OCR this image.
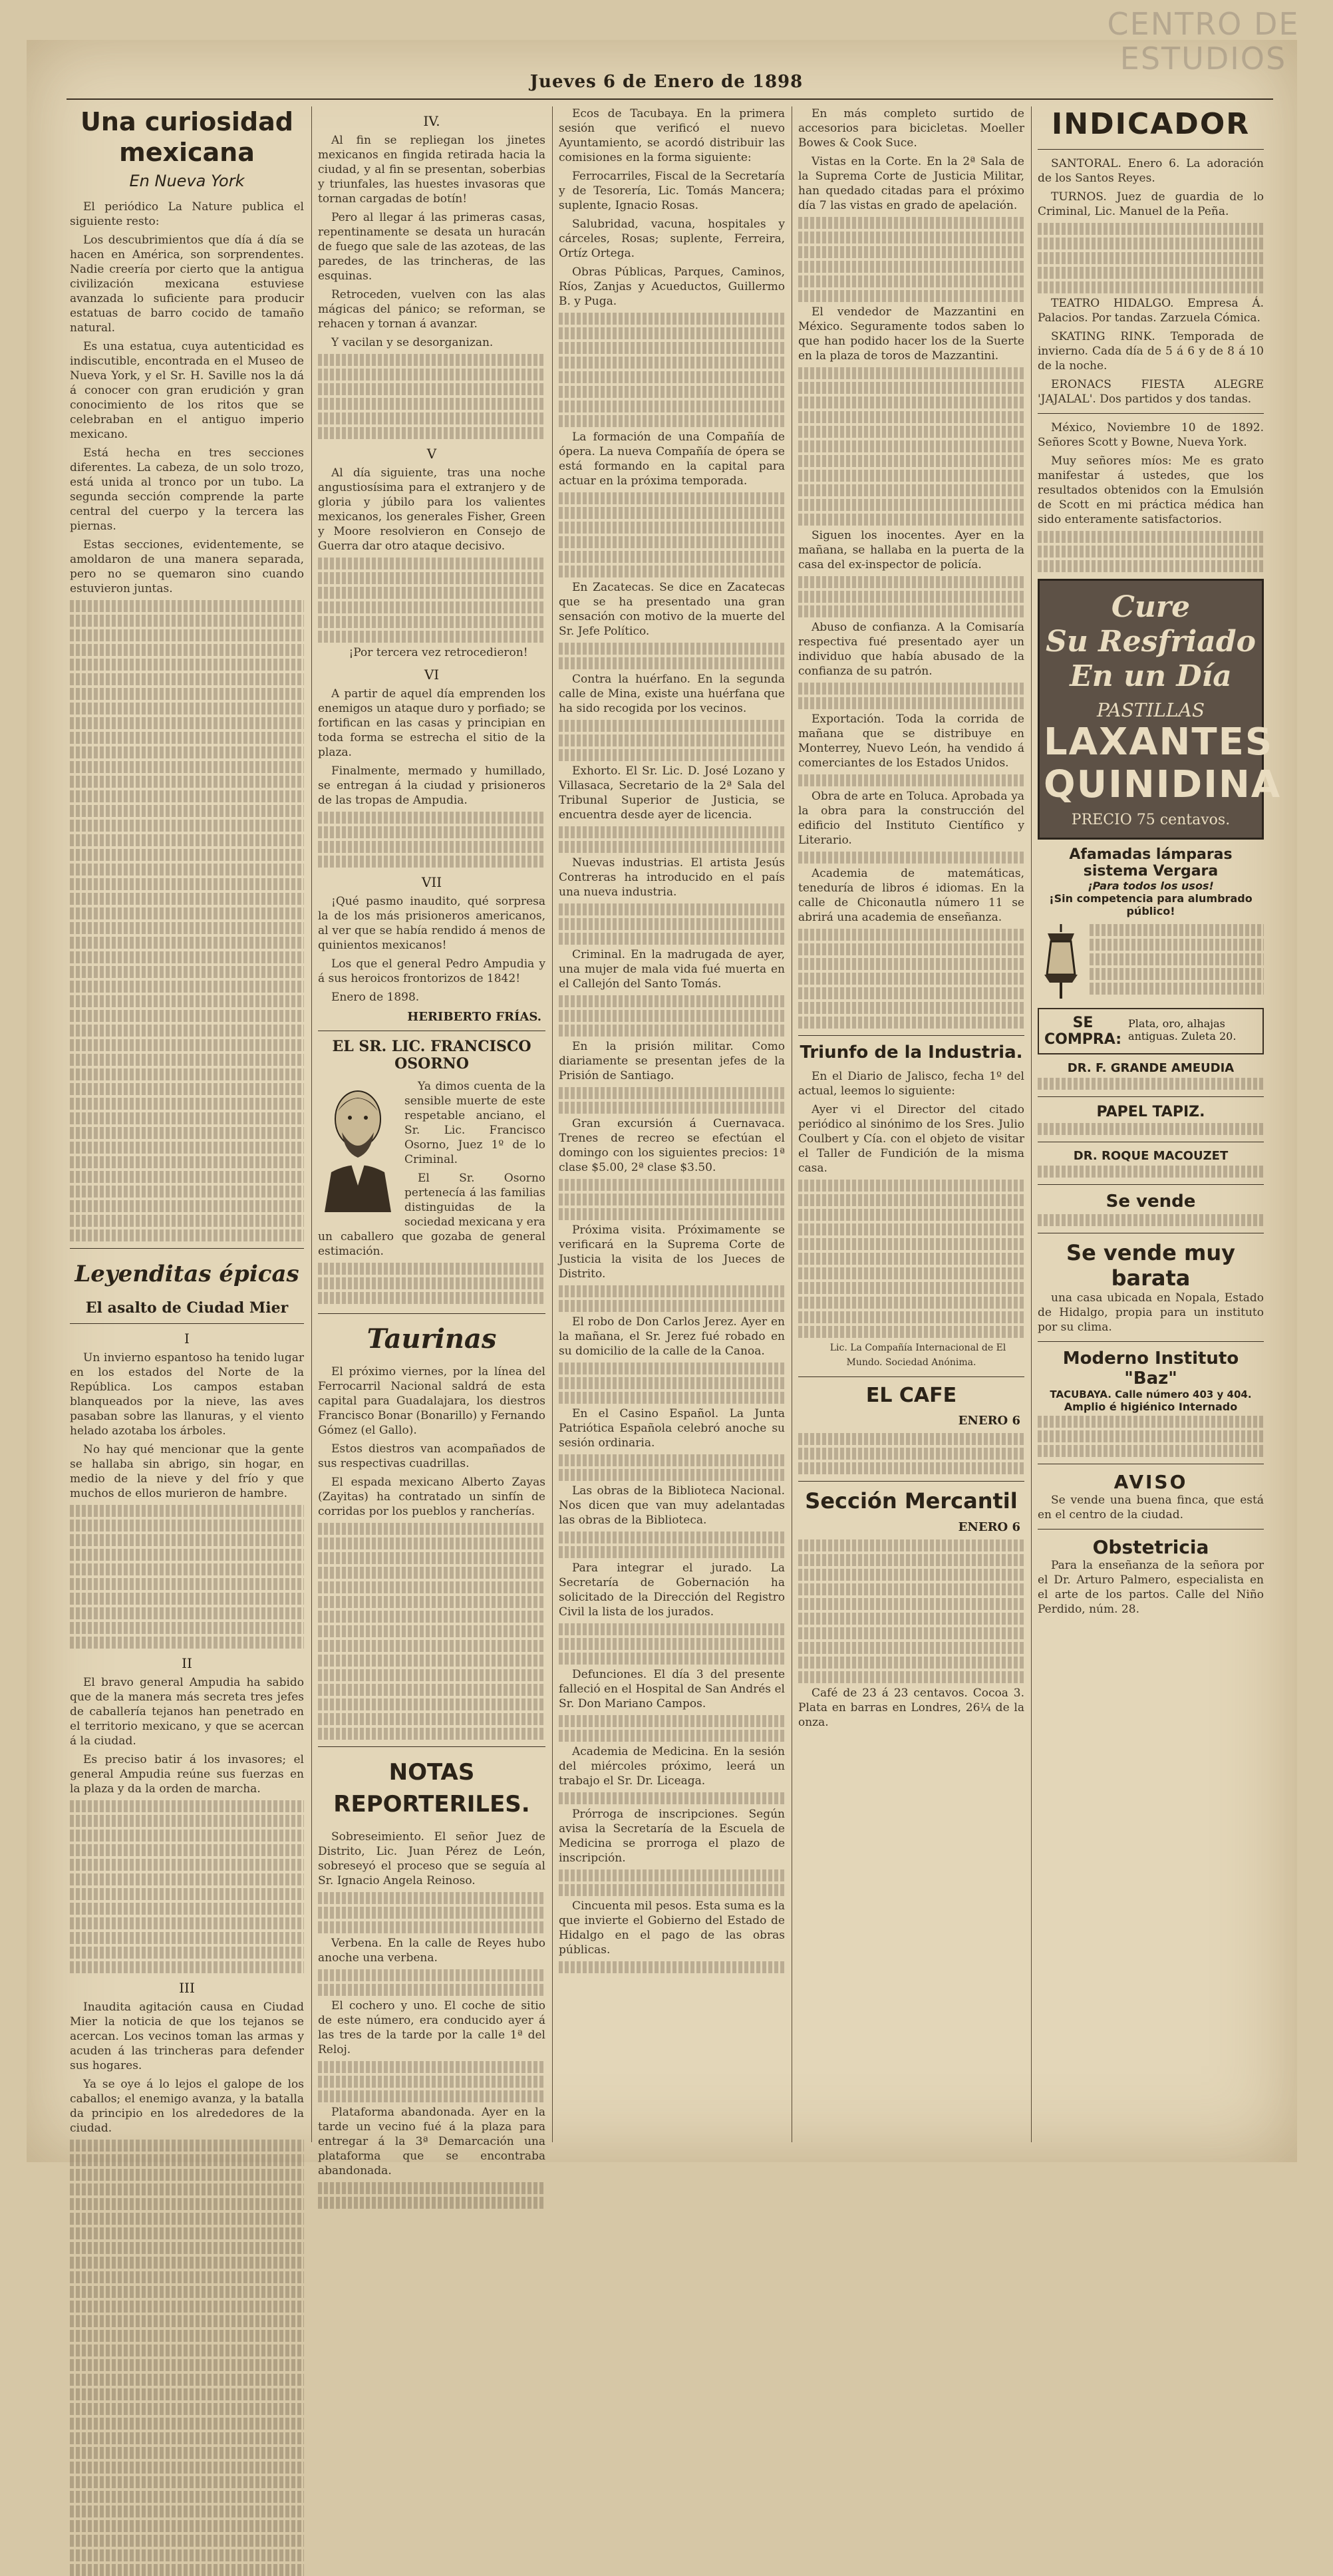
CENTRO DE
ESTUDIOS
Jueves 6 de Enero de 1898
Una curiosidad mexicana
En Nueva York

El periódico La Nature publica el siguiente resto:

Los descubrimientos que día á día se hacen en América, son sorprendentes. Nadie creería por cierto que la antigua civilización mexicana estuviese avanzada lo suficiente para producir estatuas de barro cocido de tamaño natural.

Es una estatua, cuya autenticidad es indiscutible, encontrada en el Museo de Nueva York, y el Sr. H. Saville nos la dá á conocer con gran erudición y gran conocimiento de los ritos que se celebraban en el antiguo imperio mexicano.

Está hecha en tres secciones diferentes. La cabeza, de un solo trozo, está unida al tronco por un tubo. La segunda sección comprende la parte central del cuerpo y la tercera las piernas.

Estas secciones, evidentemente, se amoldaron de una manera separada, pero no se quemaron sino cuando estuvieron juntas.

Leyenditas épicas
El asalto de Ciudad Mier
I

Un invierno espantoso ha tenido lugar en los estados del Norte de la República. Los campos estaban blanqueados por la nieve, las aves pasaban sobre las llanuras, y el viento helado azotaba los árboles.

No hay qué mencionar que la gente se hallaba sin abrigo, sin hogar, en medio de la nieve y del frío y que muchos de ellos murieron de hambre.

II

El bravo general Ampudia ha sabido que de la manera más secreta tres jefes de caballería tejanos han penetrado en el territorio mexicano, y que se acercan á la ciudad.

Es preciso batir á los invasores; el general Ampudia reúne sus fuerzas en la plaza y da la orden de marcha.

III

Inaudita agitación causa en Ciudad Mier la noticia de que los tejanos se acercan. Los vecinos toman las armas y acuden á las trincheras para defender sus hogares.

Ya se oye á lo lejos el galope de los caballos; el enemigo avanza, y la batalla da principio en los alrededores de la ciudad.

IV.

Al fin se repliegan los jinetes mexicanos en fingida retirada hacia la ciudad, y al fin se presentan, soberbias y triunfales, las huestes invasoras que tornan cargadas de botín!

Pero al llegar á las primeras casas, repentinamente se desata un huracán de fuego que sale de las azoteas, de las paredes, de las trincheras, de las esquinas.

Retroceden, vuelven con las alas mágicas del pánico; se reforman, se rehacen y tornan á avanzar.

Y vacilan y se desorganizan.

V

Al día siguiente, tras una noche angustiosísima para el extranjero y de gloria y júbilo para los valientes mexicanos, los generales Fisher, Green y Moore resolvieron en Consejo de Guerra dar otro ataque decisivo.

¡Por tercera vez retrocedieron!

VI

A partir de aquel día emprenden los enemigos un ataque duro y porfiado; se fortifican en las casas y principian en toda forma se estrecha el sitio de la plaza.

Finalmente, mermado y humillado, se entregan á la ciudad y prisioneros de las tropas de Ampudia.

VII

¡Qué pasmo inaudito, qué sorpresa la de los más prisioneros americanos, al ver que se había rendido á menos de quinientos mexicanos!

Los que el general Pedro Ampudia y á sus heroicos frontorizos de 1842!

Enero de 1898.

HERIBERTO FRÍAS.
EL SR. LIC. FRANCISCO OSORNO

Ya dimos cuenta de la sensible muerte de este respetable anciano, el Sr. Lic. Francisco Osorno, Juez 1º de lo Criminal.

El Sr. Osorno pertenecía á las familias distinguidas de la sociedad mexicana y era un caballero que gozaba de general estimación.

Taurinas

El próximo viernes, por la línea del Ferrocarril Nacional saldrá de esta capital para Guadalajara, los diestros Francisco Bonar (Bonarillo) y Fernando Gómez (el Gallo).

Estos diestros van acompañados de sus respectivas cuadrillas.

El espada mexicano Alberto Zayas (Zayitas) ha contratado un sinfín de corridas por los pueblos y rancherías.

NOTAS REPORTERILES.

Sobreseimiento. El señor Juez de Distrito, Lic. Juan Pérez de León, sobreseyó el proceso que se seguía al Sr. Ignacio Angela Reinoso.

Verbena. En la calle de Reyes hubo anoche una verbena.

El cochero y uno. El coche de sitio de este número, era conducido ayer á las tres de la tarde por la calle 1ª del Reloj.

Plataforma abandonada. Ayer en la tarde un vecino fué á la plaza para entregar á la 3ª Demarcación una plataforma que se encontraba abandonada.

Ecos de Tacubaya. En la primera sesión que verificó el nuevo Ayuntamiento, se acordó distribuir las comisiones en la forma siguiente:

Ferrocarriles, Fiscal de la Secretaría y de Tesorería, Lic. Tomás Mancera; suplente, Ignacio Rosas.

Salubridad, vacuna, hospitales y cárceles, Rosas; suplente, Ferreira, Ortíz Ortega.

Obras Públicas, Parques, Caminos, Ríos, Zanjas y Acueductos, Guillermo B. y Puga.

La formación de una Compañía de ópera. La nueva Compañía de ópera se está formando en la capital para actuar en la próxima temporada.

En Zacatecas. Se dice en Zacatecas que se ha presentado una gran sensación con motivo de la muerte del Sr. Jefe Político.

Contra la huérfano. En la segunda calle de Mina, existe una huérfana que ha sido recogida por los vecinos.

Exhorto. El Sr. Lic. D. José Lozano y Villasaca, Secretario de la 2ª Sala del Tribunal Superior de Justicia, se encuentra desde ayer de licencia.

Nuevas industrias. El artista Jesús Contreras ha introducido en el país una nueva industria.

Criminal. En la madrugada de ayer, una mujer de mala vida fué muerta en el Callejón del Santo Tomás.

En la prisión militar. Como diariamente se presentan jefes de la Prisión de Santiago.

Gran excursión á Cuernavaca. Trenes de recreo se efectúan el domingo con los siguientes precios: 1ª clase $5.00, 2ª clase $3.50.

Próxima visita. Próximamente se verificará en la Suprema Corte de Justicia la visita de los Jueces de Distrito.

El robo de Don Carlos Jerez. Ayer en la mañana, el Sr. Jerez fué robado en su domicilio de la calle de la Canoa.

En el Casino Español. La Junta Patriótica Española celebró anoche su sesión ordinaria.

Las obras de la Biblioteca Nacional. Nos dicen que van muy adelantadas las obras de la Biblioteca.

Para integrar el jurado. La Secretaría de Gobernación ha solicitado de la Dirección del Registro Civil la lista de los jurados.

Defunciones. El día 3 del presente falleció en el Hospital de San Andrés el Sr. Don Mariano Campos.

Academia de Medicina. En la sesión del miércoles próximo, leerá un trabajo el Sr. Dr. Liceaga.

Prórroga de inscripciones. Según avisa la Secretaría de la Escuela de Medicina se prorroga el plazo de inscripción.

Cincuenta mil pesos. Esta suma es la que invierte el Gobierno del Estado de Hidalgo en el pago de las obras públicas.

En más completo surtido de accesorios para bicicletas. Moeller Bowes & Cook Suce.

Vistas en la Corte. En la 2ª Sala de la Suprema Corte de Justicia Militar, han quedado citadas para el próximo día 7 las vistas en grado de apelación.

El vendedor de Mazzantini en México. Seguramente todos saben lo que han podido hacer los de la Suerte en la plaza de toros de Mazzantini.

Siguen los inocentes. Ayer en la mañana, se hallaba en la puerta de la casa del ex-inspector de policía.

Abuso de confianza. A la Comisaría respectiva fué presentado ayer un individuo que había abusado de la confianza de su patrón.

Exportación. Toda la corrida de mañana que se distribuye en Monterrey, Nuevo León, ha vendido á comerciantes de los Estados Unidos.

Obra de arte en Toluca. Aprobada ya la obra para la construcción del edificio del Instituto Científico y Literario.

Academia de matemáticas, teneduría de libros é idiomas. En la calle de Chiconautla número 11 se abrirá una academia de enseñanza.

Triunfo de la Industria.

En el Diario de Jalisco, fecha 1º del actual, leemos lo siguiente:

Ayer vi el Director del citado periódico al sinónimo de los Sres. Julio Coulbert y Cía. con el objeto de visitar el Taller de Fundición de la misma casa.

Lic. La Compañía Internacional de El Mundo. Sociedad Anónima.

EL CAFE
ENERO 6
Sección Mercantil
ENERO 6

Café de 23 á 23 centavos. Cocoa 3. Plata en barras en Londres, 26¼ de la onza.

INDICADOR

SANTORAL. Enero 6. La adoración de los Santos Reyes.

TURNOS. Juez de guardia de lo Criminal, Lic. Manuel de la Peña.

TEATRO HIDALGO. Empresa Á. Palacios. Por tandas. Zarzuela Cómica.

SKATING RINK. Temporada de invierno. Cada día de 5 á 6 y de 8 á 10 de la noche.

ERONACS FIESTA ALEGRE 'JAJALAL'. Dos partidos y dos tandas.

México, Noviembre 10 de 1892. Señores Scott y Bowne, Nueva York.

Muy señores míos: Me es grato manifestar á ustedes, que los resultados obtenidos con la Emulsión de Scott en mi práctica médica han sido enteramente satisfactorios.

Cure
Su Resfriado
En un Día
PASTILLAS
LAXANTES
QUINIDINA
PRECIO 75 centavos.
Afamadas lámparas sistema Vergara
¡Para todos los usos!
¡Sin competencia para alumbrado público!
SE COMPRA:
Plata, oro, alhajas antiguas. Zuleta 20.
DR. F. GRANDE AMEUDIA
PAPEL TAPIZ.
DR. ROQUE MACOUZET
Se vende
Se vende muy barata

una casa ubicada en Nopala, Estado de Hidalgo, propia para un instituto por su clima.

Moderno Instituto "Baz"
TACUBAYA. Calle número 403 y 404.
Amplio é higiénico Internado
AVISO

Se vende una buena finca, que está en el centro de la ciudad.

Obstetricia

Para la enseñanza de la señora por el Dr. Arturo Palmero, especialista en el arte de los partos. Calle del Niño Perdido, núm. 28.
